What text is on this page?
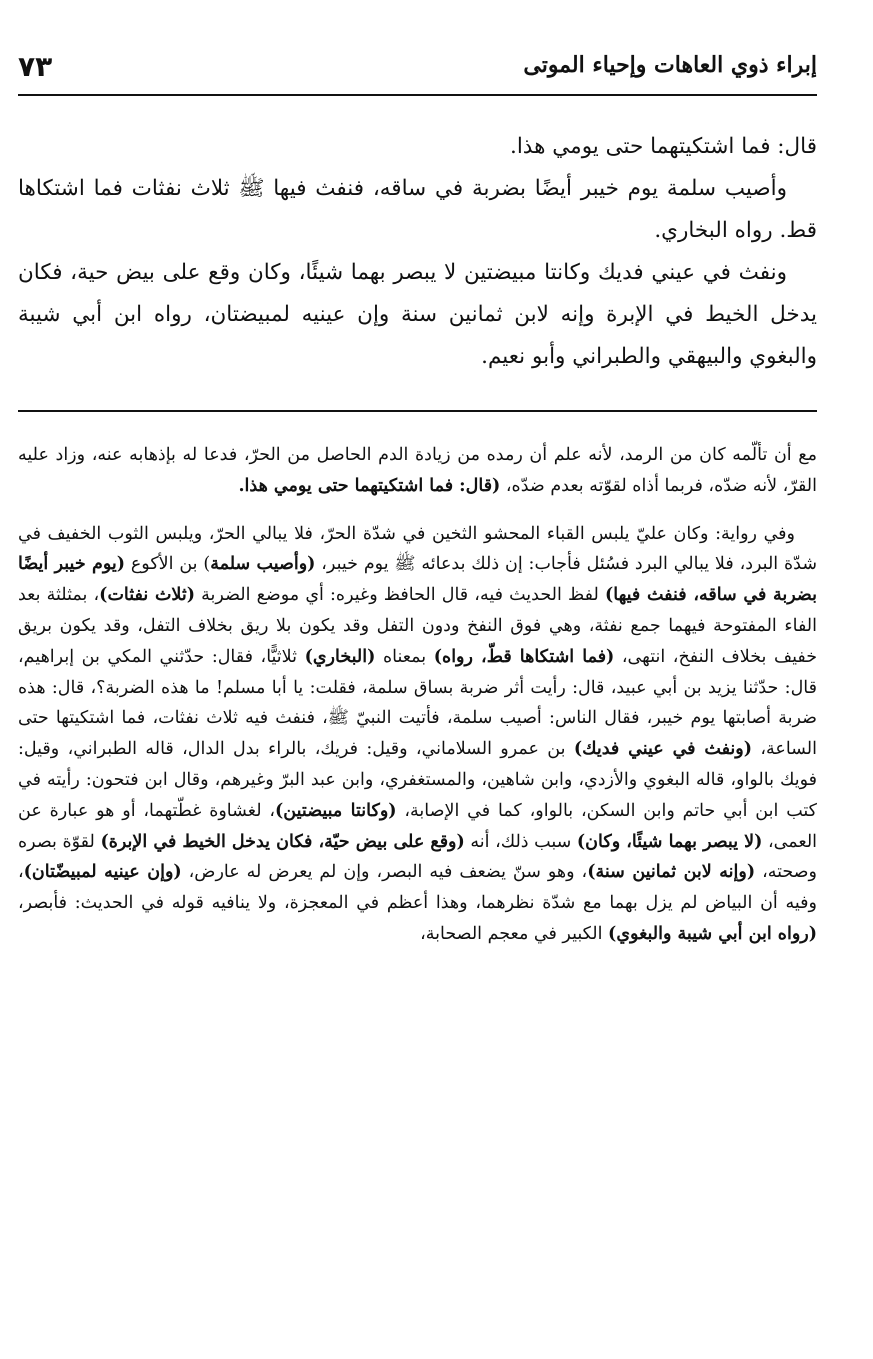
إبراء ذوي العاهات وإحياء الموتى
٧٣

قال: فما اشتكيتهما حتى يومي هذا.

وأصيب سلمة يوم خيبر أيضًا بضربة في ساقه، فنفث فيها ﷺ ثلاث نفثات فما اشتكاها قط. رواه البخاري.

ونفث في عيني فديك وكانتا مبيضتين لا يبصر بهما شيئًا، وكان وقع على بيض حية، فكان يدخل الخيط في الإبرة وإنه لابن ثمانين سنة وإن عينيه لمبيضتان، رواه ابن أبي شيبة والبغوي والبيهقي والطبراني وأبو نعيم.

مع أن تألّمه كان من الرمد، لأنه علم أن رمده من زيادة الدم الحاصل من الحرّ، فدعا له بإذهابه عنه، وزاد عليه القرّ، لأنه ضدّه، فربما أذاه لقوّته بعدم ضدّه، (قال: فما اشتكيتهما حتى يومي هذا.

وفي رواية: وكان عليّ يلبس القباء المحشو الثخين في شدّة الحرّ، فلا يبالي الحرّ، ويلبس الثوب الخفيف في شدّة البرد، فلا يبالي البرد فسُئل فأجاب: إن ذلك بدعائه ﷺ يوم خيبر، (وأصيب سلمة) بن الأكوع (يوم خيبر أيضًا بضربة في ساقه، فنفث فيها) لفظ الحديث فيه، قال الحافظ وغيره: أي موضع الضربة (ثلاث نفثات)، بمثلثة بعد الفاء المفتوحة فيهما جمع نفثة، وهي فوق النفخ ودون التفل وقد يكون بلا ريق بخلاف التفل، وقد يكون بريق خفيف بخلاف النفخ، انتهى، (فما اشتكاها قطّ، رواه) بمعناه (البخاري) ثلاثيًّا، فقال: حدّثني المكي بن إبراهيم، قال: حدّثنا يزيد بن أبي عبيد، قال: رأيت أثر ضربة بساق سلمة، فقلت: يا أبا مسلم! ما هذه الضربة؟، قال: هذه ضربة أصابتها يوم خيبر، فقال الناس: أصيب سلمة، فأتيت النبيّ ﷺ، فنفث فيه ثلاث نفثات، فما اشتكيتها حتى الساعة، (ونفث في عيني فديك) بن عمرو السلاماني، وقيل: فريك، بالراء بدل الدال، قاله الطبراني، وقيل: فويك بالواو، قاله البغوي والأزدي، وابن شاهين، والمستغفري، وابن عبد البرّ وغيرهم، وقال ابن فتحون: رأيته في كتب ابن أبي حاتم وابن السكن، بالواو، كما في الإصابة، (وكانتا مبيضتين)، لغشاوة غطّتهما، أو هو عبارة عن العمى، (لا يبصر بهما شيئًا، وكان) سبب ذلك، أنه (وقع على بيض حيّة، فكان يدخل الخيط في الإبرة) لقوّة بصره وصحته، (وإنه لابن ثمانين سنة)، وهو سنّ يضعف فيه البصر، وإن لم يعرض له عارض، (وإن عينيه لمبيضّتان)، وفيه أن البياض لم يزل بهما مع شدّة نظرهما، وهذا أعظم في المعجزة، ولا ينافيه قوله في الحديث: فأبصر، (رواه ابن أبي شيبة والبغوي) الكبير في معجم الصحابة،
